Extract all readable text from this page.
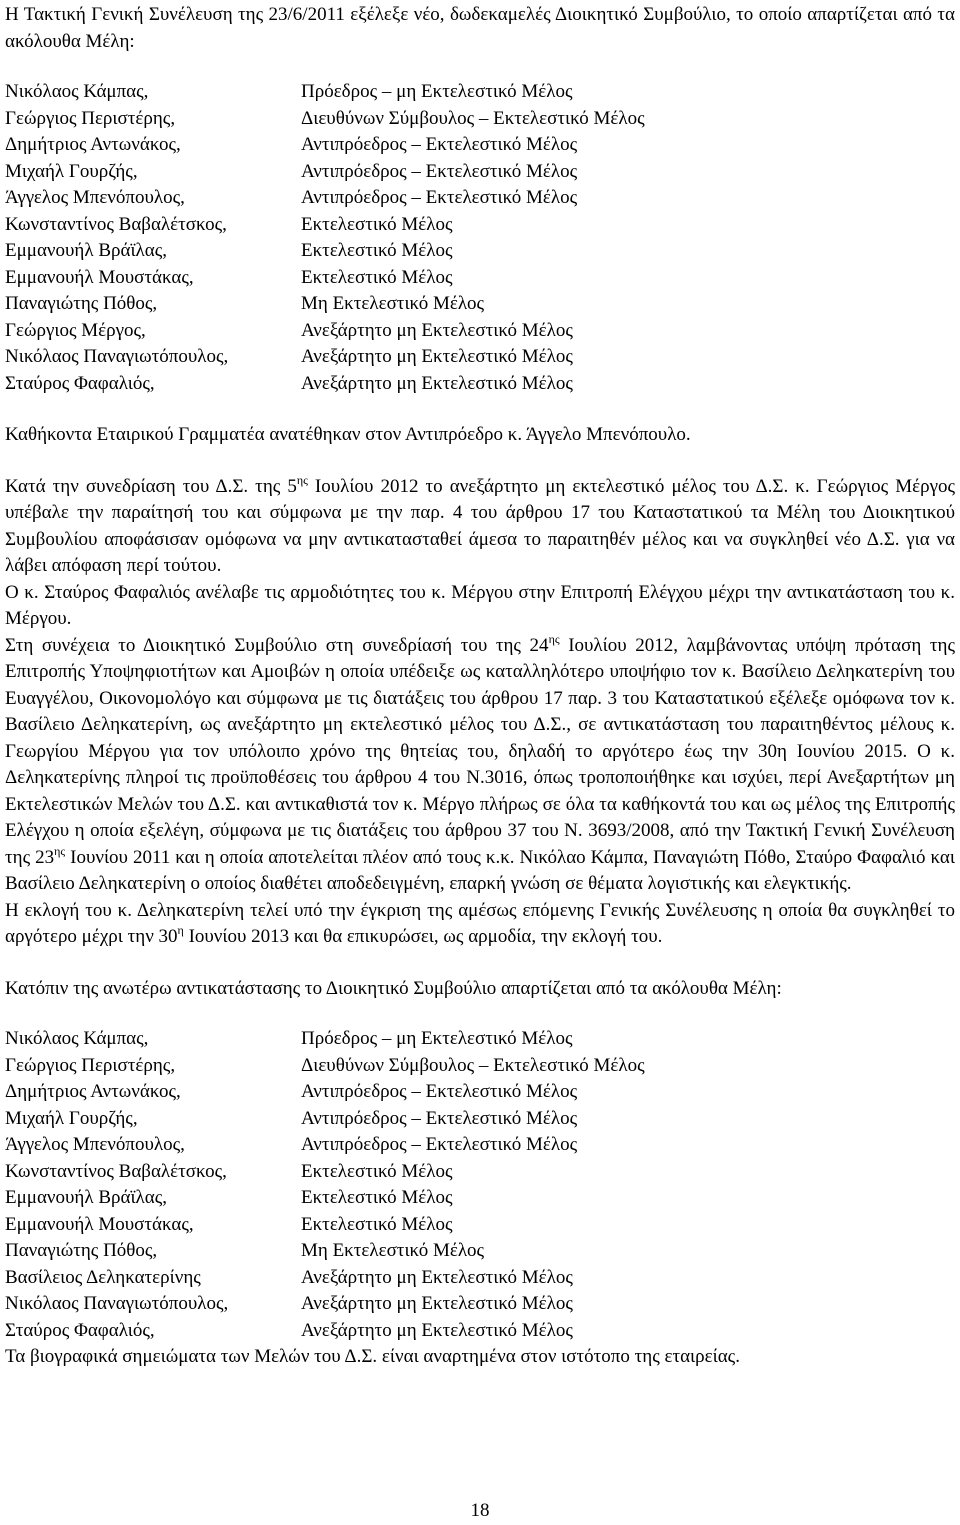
Η Τακτική Γενική Συνέλευση της 23/6/2011 εξέλεξε νέο, δωδεκαμελές Διοικητικό Συμβούλιο, το οποίο απαρτίζεται από τα ακόλουθα Μέλη:

Νικόλαος Κάμπας,	Πρόεδρος – μη Εκτελεστικό Μέλος
Γεώργιος Περιστέρης,	Διευθύνων Σύμβουλος – Εκτελεστικό Μέλος
Δημήτριος Αντωνάκος,	Αντιπρόεδρος – Εκτελεστικό Μέλος
Μιχαήλ Γουρζής,	Αντιπρόεδρος – Εκτελεστικό Μέλος
Άγγελος Μπενόπουλος,	Αντιπρόεδρος – Εκτελεστικό Μέλος
Κωνσταντίνος Βαβαλέτσκος,	Εκτελεστικό Μέλος
Εμμανουήλ Βράϊλας,	Εκτελεστικό Μέλος
Εμμανουήλ Μουστάκας,	Εκτελεστικό Μέλος
Παναγιώτης Πόθος,	Μη Εκτελεστικό Μέλος
Γεώργιος Μέργος,	Ανεξάρτητο μη Εκτελεστικό Μέλος
Νικόλαος Παναγιωτόπουλος,	Ανεξάρτητο μη Εκτελεστικό Μέλος
Σταύρος Φαφαλιός,	Ανεξάρτητο μη Εκτελεστικό Μέλος

Καθήκοντα Εταιρικού Γραμματέα ανατέθηκαν στον Αντιπρόεδρο κ. Άγγελο Μπενόπουλο.

Κατά την συνεδρίαση του Δ.Σ. της $5^{\eta\varsigma}$ Ιουλίου 2012 το ανεξάρτητο μη εκτελεστικό μέλος του Δ.Σ. κ. Γεώργιος Μέργος υπέβαλε την παραίτησή του και σύμφωνα με την παρ. 4 του άρθρου 17 του Καταστατικού τα Μέλη του Διοικητικού Συμβουλίου αποφάσισαν ομόφωνα να μην αντικατασταθεί άμεσα το παραιτηθέν μέλος και να συγκληθεί νέο Δ.Σ. για να λάβει απόφαση περί τούτου.

Ο κ. Σταύρος Φαφαλιός ανέλαβε τις αρμοδιότητες του κ. Μέργου στην Επιτροπή Ελέγχου μέχρι την αντικατάσταση του κ. Μέργου.

Στη συνέχεια το Διοικητικό Συμβούλιο στη συνεδρίασή του της $24^{\eta\varsigma}$ Ιουλίου 2012, λαμβάνοντας υπόψη πρόταση της Επιτροπής Υποψηφιοτήτων και Αμοιβών η οποία υπέδειξε ως καταλληλότερο υποψήφιο τον κ. Βασίλειο Δεληκατερίνη του Ευαγγέλου, Οικονομολόγο και σύμφωνα με τις διατάξεις του άρθρου 17 παρ. 3 του Καταστατικού εξέλεξε ομόφωνα τον κ. Βασίλειο Δεληκατερίνη, ως ανεξάρτητο μη εκτελεστικό μέλος του Δ.Σ., σε αντικατάσταση του παραιτηθέντος μέλους κ. Γεωργίου Μέργου για τον υπόλοιπο χρόνο της θητείας του, δηλαδή το αργότερο έως την 30η Ιουνίου 2015. Ο κ. Δεληκατερίνης πληροί τις προϋποθέσεις του άρθρου 4 του Ν.3016, όπως τροποποιήθηκε και ισχύει, περί Ανεξαρτήτων μη Εκτελεστικών Μελών του Δ.Σ. και αντικαθιστά τον κ. Μέργο πλήρως σε όλα τα καθήκοντά του και ως μέλος της Επιτροπής Ελέγχου η οποία εξελέγη, σύμφωνα με τις διατάξεις του άρθρου 37 του Ν. 3693/2008, από την Τακτική Γενική Συνέλευση της $23^{\eta\varsigma}$ Ιουνίου 2011 και η οποία αποτελείται πλέον από τους κ.κ. Νικόλαο Κάμπα, Παναγιώτη Πόθο, Σταύρο Φαφαλιό και Βασίλειο Δεληκατερίνη ο οποίος διαθέτει αποδεδειγμένη, επαρκή γνώση σε θέματα λογιστικής και ελεγκτικής.

Η εκλογή του κ. Δεληκατερίνη τελεί υπό την έγκριση της αμέσως επόμενης Γενικής Συνέλευσης η οποία θα συγκληθεί το αργότερο μέχρι την $30^\eta$ Ιουνίου 2013 και θα επικυρώσει, ως αρμοδία, την εκλογή του.

Κατόπιν της ανωτέρω αντικατάστασης το Διοικητικό Συμβούλιο απαρτίζεται από τα ακόλουθα Μέλη:

Νικόλαος Κάμπας,	Πρόεδρος – μη Εκτελεστικό Μέλος
Γεώργιος Περιστέρης,	Διευθύνων Σύμβουλος – Εκτελεστικό Μέλος
Δημήτριος Αντωνάκος,	Αντιπρόεδρος – Εκτελεστικό Μέλος
Μιχαήλ Γουρζής,	Αντιπρόεδρος – Εκτελεστικό Μέλος
Άγγελος Μπενόπουλος,	Αντιπρόεδρος – Εκτελεστικό Μέλος
Κωνσταντίνος Βαβαλέτσκος,	Εκτελεστικό Μέλος
Εμμανουήλ Βράϊλας,	Εκτελεστικό Μέλος
Εμμανουήλ Μουστάκας,	Εκτελεστικό Μέλος
Παναγιώτης Πόθος,	Μη Εκτελεστικό Μέλος
Βασίλειος Δεληκατερίνης	Ανεξάρτητο μη Εκτελεστικό Μέλος
Νικόλαος Παναγιωτόπουλος,	Ανεξάρτητο μη Εκτελεστικό Μέλος
Σταύρος Φαφαλιός,	Ανεξάρτητο μη Εκτελεστικό Μέλος

Τα βιογραφικά σημειώματα των Μελών του Δ.Σ. είναι αναρτημένα στον ιστότοπο της εταιρείας.

18
